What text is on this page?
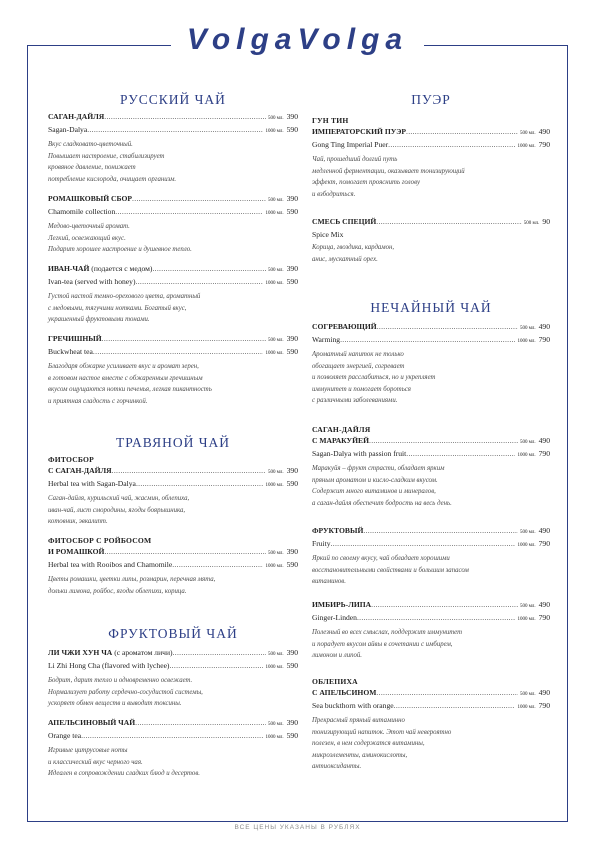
VolgaVolga
РУССКИЙ ЧАЙ
САГАН-ДАЙЛЯ .....	500 мл. 390
Sagan-Dalya .....	1000 мл. 590
Вкус сладковато-цветочный.
Повышает настроение, стабилизирует
кровяное давление, понижает
потребление кислорода, очищает организм.
РОМАШКОВЫЙ СБОР .....	500 мл. 390
Chamomile collection .....	1000 мл. 590
Медово-цветочный аромат.
Легкий, освежающий вкус.
Подарит хорошее настроение и душевное тепло.
ИВАН-ЧАЙ (подается с медом) .....	500 мл. 390
Ivan-tea (served with honey) .....	1000 мл. 590
Густой настой темно-орехового цвета, ароматный
с медовыми, тягучими нотками. Богатый вкус,
украшенный фруктовыми тонами.
ГРЕЧИШНЫЙ .....	500 мл. 390
Buckwheat tea .....	1000 мл. 590
Благодаря обжарке усиливает вкус и аромат зерен,
в готовом настое вместе с обжаренным гречишным
вкусом ощущаются нотки печенья, легкая пикантность
и приятная сладость с горчинкой.
ТРАВЯНОЙ ЧАЙ
ФИТОСБОР
С САГАН-ДАЙЛЯ .....	500 мл. 390
Herbal tea with Sagan-Dalya .....	1000 мл. 590
Саган-дайля, курильский чай, жасмин, облепиха,
иван-чай, лист смородины, ягоды боярышника,
котовник, эвкалипт.
ФИТОСБОР С РОЙБОСОМ
И РОМАШКОЙ .....	500 мл. 390
Herbal tea with Rooibos and Chamomile .....	1000 мл. 590
Цветы ромашки, цветки липы, розмарин, перечная мята,
дольки лимона, ройбос, ягоды облепихи, корица.
ФРУКТОВЫЙ ЧАЙ
ЛИ ЧЖИ ХУН ЧА (с ароматом личи) .....	500 мл. 390
Li Zhi Hong Cha (flavored with lychee) .....	1000 мл. 590
Бодрит, дарит тепло и одновременно освежает.
Нормализует работу сердечно-сосудистой системы,
ускоряет обмен веществ и выводит токсины.
АПЕЛЬСИНОВЫЙ ЧАЙ .....	500 мл. 390
Orange tea .....	1000 мл. 590
Игривые цитрусовые ноты
и классический вкус черного чая.
Идеален в сопровождении сладких блюд и десертов.
ПУЭР
ГУН ТИН
ИМПЕРАТОРСКИЙ ПУЭР .....	500 мл. 490
Gong Ting Imperial Puer .....	1000 мл. 790
Чай, прошедший долгий путь
медленной ферментации, оказывает тонизирующий
эффект, помогает прояснить голову
и взбодриться.
СМЕСЬ СПЕЦИЙ .....	500 мл. 90
Spice Mix
Корица, гвоздика, кардамон,
анис, мускатный орех.
НЕЧАЙНЫЙ ЧАЙ
СОГРЕВАЮЩИЙ .....	500 мл. 490
Warming .....	1000 мл. 790
Ароматный напиток не только
обогащает энергией, согревает
и позволяет расслабиться, но и укрепляет
иммунитет и помогает бороться
с различными заболеваниями.
САГАН-ДАЙЛЯ
С МАРАКУЙЕЙ .....	500 мл. 490
Sagan-Dalya with passion fruit .....	1000 мл. 790
Маракуйя – фрукт страсти, обладает ярким
пряным ароматом и кисло-сладким вкусом.
Содержит много витаминов и минералов,
а саган-дайля обеспечит бодрость на весь день.
ФРУКТОВЫЙ .....	500 мл. 490
Fruity .....	1000 мл. 790
Яркий по своему вкусу, чай обладает хорошими
восстановительными свойствами и большим запасом
витаминов.
ИМБИРЬ-ЛИПА .....	500 мл. 490
Ginger-Linden .....	1000 мл. 790
Полезный во всех смыслах, поддержит иммунитет
и порадует вкусом айвы в сочетании с имбирем,
лимоном и липой.
ОБЛЕПИХА
С АПЕЛЬСИНОМ .....	500 мл. 490
Sea buckthorn with orange .....	1000 мл. 790
Прекрасный пряный витаминно
тонизирующий напиток. Этот чай невероятно
полезен, в нем содержатся витамины,
микроэлементы, аминокислоты,
антиоксиданты.
ВСЕ ЦЕНЫ УКАЗАНЫ В РУБЛЯХ
